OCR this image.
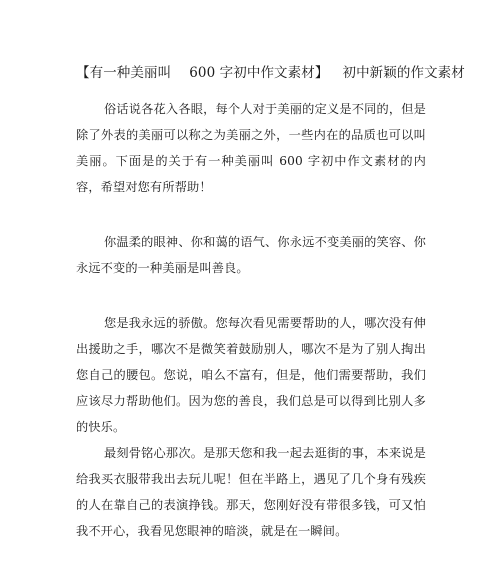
【有一种美丽叫 600 字初中作文素材】 初中新颖的作文素材

俗话说各花入各眼，每个人对于美丽的定义是不同的，但是除了外表的美丽可以称之为美丽之外，一些内在的品质也可以叫美丽。下面是的关于有一种美丽叫 600 字初中作文素材的内容，希望对您有所帮助！

你温柔的眼神、你和蔼的语气、你永远不变美丽的笑容、你永远不变的一种美丽是叫善良。

您是我永远的骄傲。您每次看见需要帮助的人，哪次没有伸出援助之手，哪次不是微笑着鼓励别人，哪次不是为了别人掏出您自己的腰包。您说，咱么不富有，但是，他们需要帮助，我们应该尽力帮助他们。因为您的善良，我们总是可以得到比别人多的快乐。

最刻骨铭心那次。是那天您和我一起去逛街的事，本来说是给我买衣服带我出去玩儿呢！但在半路上，遇见了几个身有残疾的人在靠自己的表演挣钱。那天，您刚好没有带很多钱，可又怕我不开心，我看见您眼神的暗淡，就是在一瞬间。
